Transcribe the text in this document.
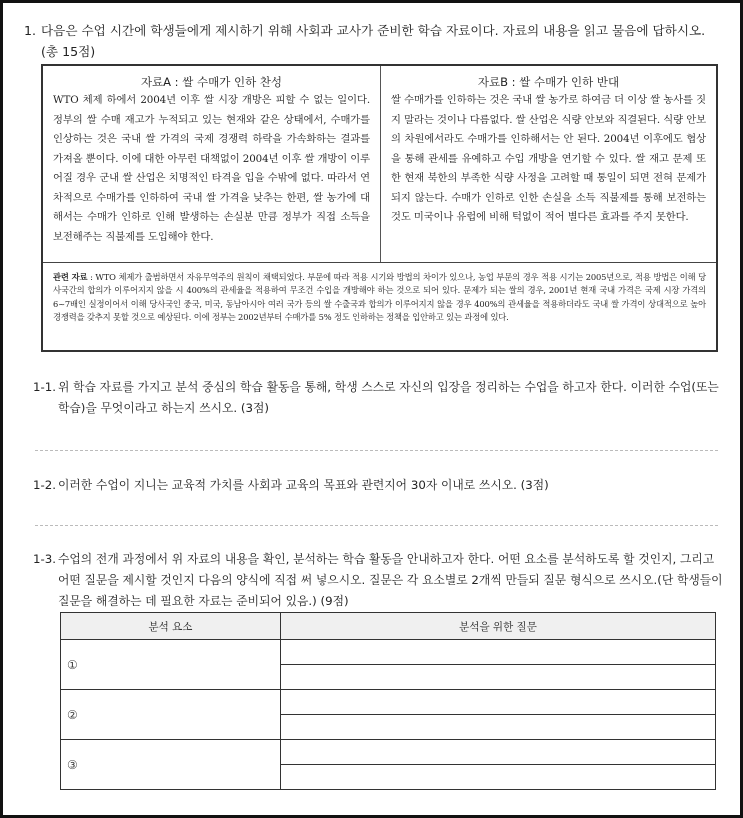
1. 다음은 수업 시간에 학생들에게 제시하기 위해 사회과 교사가 준비한 학습 자료이다. 자료의 내용을 읽고 물음에 답하시오. (총 15점)
자료A : 쌀 수매가 인하 찬성
WTO 체제 하에서 2004년 이후 쌀 시장 개방은 피할 수 없는 일이다. 정부의 쌀 수매 재고가 누적되고 있는 현재와 같은 상태에서, 수매가를 인상하는 것은 국내 쌀 가격의 국제 경쟁력 하락을 가속화하는 결과를 가져올 뿐이다. 이에 대한 아무런 대책없이 2004년 이후 쌀 개방이 이루어질 경우 군내 쌀 산업은 치명적인 타격을 입을 수밖에 없다. 따라서 연차적으로 수매가를 인하하여 국내 쌀 가격을 낮추는 한편, 쌀 농가에 대해서는 수매가 인하로 인해 발생하는 손실분 만큼 정부가 직접 소득을 보전해주는 직불제를 도입해야 한다.
자료B : 쌀 수매가 인하 반대
쌀 수매가를 인하하는 것은 국내 쌀 농가로 하여금 더 이상 쌀 농사를 짓지 말라는 것이나 다름없다. 쌀 산업은 식량 안보와 직결된다. 식량 안보의 차원에서라도 수매가를 인하해서는 안 된다. 2004년 이후에도 협상을 통해 관세를 유예하고 수입 개방을 연기할 수 있다. 쌀 재고 문제 또한 현재 북한의 부족한 식량 사정을 고려할 때 통일이 되면 전혀 문제가 되지 않는다. 수매가 인하로 인한 손실을 소득 직불제를 통해 보전하는 것도 미국이나 유럽에 비해 턱없이 적어 별다른 효과를 주지 못한다.
관련 자료 : WTO 체제가 출범하면서 자유무역주의 원칙이 채택되었다. 부문에 따라 적용 시기와 방법의 차이가 있으나, 농업 부문의 경우 적용 시기는 2005년으로, 적용 방법은 이해 당사국간의 합의가 이루어지지 않을 시 400%의 관세율을 적용하여 무조건 수입을 개방해야 하는 것으로 되어 있다. 문제가 되는 쌀의 경우, 2001년 현재 국내 가격은 국제 시장 가격의 6~7배인 실정이어서 이해 당사국인 중국, 미국, 동남아시아 여러 국가 등의 쌀 수출국과 합의가 이루어지지 않을 경우 400%의 관세율을 적용하더라도 국내 쌀 가격이 상대적으로 높아 경쟁력을 갖추지 못할 것으로 예상된다. 이에 정부는 2002년부터 수매가를 5% 정도 인하하는 정책을 입안하고 있는 과정에 있다.
1-1. 위 학습 자료를 가지고 분석 중심의 학습 활동을 통해, 학생 스스로 자신의 입장을 정리하는 수업을 하고자 한다. 이러한 수업(또는 학습)을 무엇이라고 하는지 쓰시오. (3점)
1-2. 이러한 수업이 지니는 교육적 가치를 사회과 교육의 목표와 관련지어 30자 이내로 쓰시오. (3점)
1-3. 수업의 전개 과정에서 위 자료의 내용을 확인, 분석하는 학습 활동을 안내하고자 한다. 어떤 요소를 분석하도록 할 것인지, 그리고 어떤 질문을 제시할 것인지 다음의 양식에 직접 써 넣으시오. 질문은 각 요소별로 2개씩 만들되 질문 형식으로 쓰시오.(단 학생들이 질문을 해결하는 데 필요한 자료는 준비되어 있음.) (9점)
분석 요소	분석을 위한 질문
①	

②	

③	
